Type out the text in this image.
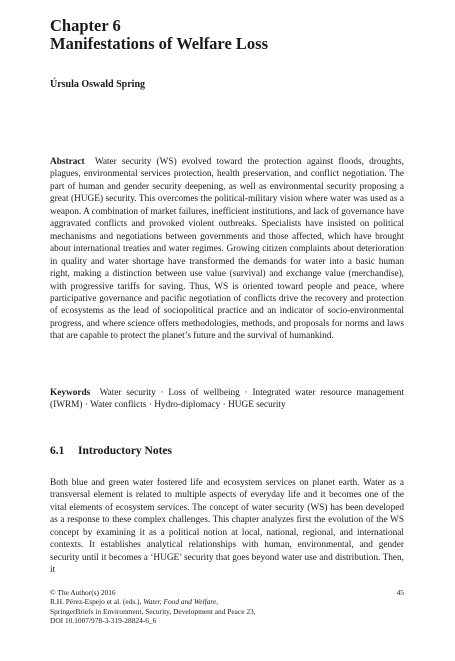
Chapter 6
Manifestations of Welfare Loss
Úrsula Oswald Spring

Abstract Water security (WS) evolved toward the protection against floods, droughts, plagues, environmental services protection, health preservation, and conflict negotiation. The part of human and gender security deepening, as well as environmental security proposing a great (HUGE) security. This overcomes the political-military vision where water was used as a weapon. A combination of market failures, inefficient institutions, and lack of governance have aggravated conflicts and provoked violent outbreaks. Specialists have insisted on political mechanisms and negotiations between governments and those affected, which have brought about international treaties and water regimes. Growing citizen complaints about deterioration in quality and water shortage have transformed the demands for water into a basic human right, making a distinction between use value (survival) and exchange value (merchandise), with progressive tariffs for saving. Thus, WS is oriented toward people and peace, where participative governance and pacific negotiation of conflicts drive the recovery and protection of ecosystems as the lead of sociopolitical practice and an indicator of socio-environmental progress, and where science offers methodologies, methods, and proposals for norms and laws that are capable to protect the planet’s future and the survival of humankind.

Keywords Water security · Loss of wellbeing · Integrated water resource management (IWRM) · Water conflicts · Hydro-diplomacy · HUGE security

6.1 Introductory Notes

Both blue and green water fostered life and ecosystem services on planet earth. Water as a transversal element is related to multiple aspects of everyday life and it becomes one of the vital elements of ecosystem services. The concept of water security (WS) has been developed as a response to these complex challenges. This chapter analyzes first the evolution of the WS concept by examining it as a political notion at local, national, regional, and international contexts. It establishes analytical relationships with human, environmental, and gender security until it becomes a ‘HUGE’ security that goes beyond water use and distribution. Then, it

45
© The Author(s) 2016
R.H. Pérez-Espejo et al. (eds.), Water, Food and Welfare,
SpringerBriefs in Environment, Security, Development and Peace 23,
DOI 10.1007/978-3-319-28824-6_6
